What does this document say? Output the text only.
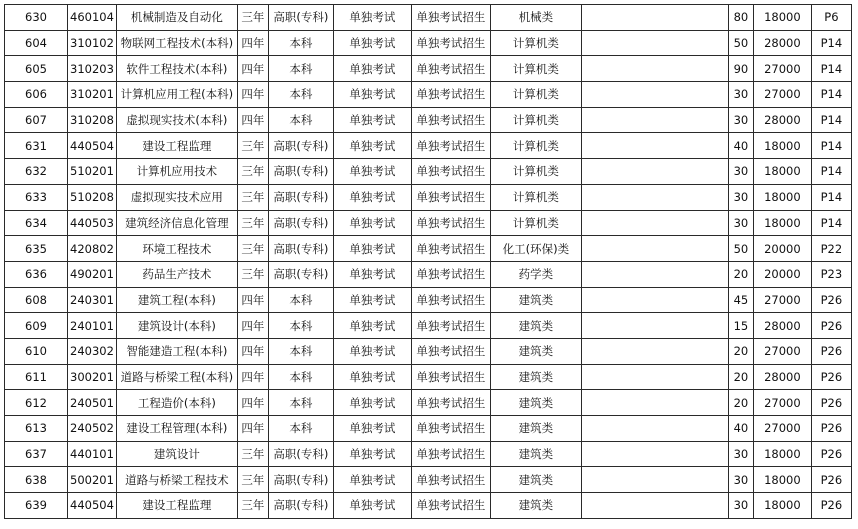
630	460104	机械制造及自动化	三年	高职(专科)	单独考试	单独考试招生	机械类		80	18000	P6
604	310102	物联网工程技术(本科)	四年	本科	单独考试	单独考试招生	计算机类		50	28000	P14
605	310203	软件工程技术(本科)	四年	本科	单独考试	单独考试招生	计算机类		90	27000	P14
606	310201	计算机应用工程(本科)	四年	本科	单独考试	单独考试招生	计算机类		30	27000	P14
607	310208	虚拟现实技术(本科)	四年	本科	单独考试	单独考试招生	计算机类		30	28000	P14
631	440504	建设工程监理	三年	高职(专科)	单独考试	单独考试招生	计算机类		40	18000	P14
632	510201	计算机应用技术	三年	高职(专科)	单独考试	单独考试招生	计算机类		30	18000	P14
633	510208	虚拟现实技术应用	三年	高职(专科)	单独考试	单独考试招生	计算机类		30	18000	P14
634	440503	建筑经济信息化管理	三年	高职(专科)	单独考试	单独考试招生	计算机类		30	18000	P14
635	420802	环境工程技术	三年	高职(专科)	单独考试	单独考试招生	化工(环保)类		50	20000	P22
636	490201	药品生产技术	三年	高职(专科)	单独考试	单独考试招生	药学类		20	20000	P23
608	240301	建筑工程(本科)	四年	本科	单独考试	单独考试招生	建筑类		45	27000	P26
609	240101	建筑设计(本科)	四年	本科	单独考试	单独考试招生	建筑类		15	28000	P26
610	240302	智能建造工程(本科)	四年	本科	单独考试	单独考试招生	建筑类		20	27000	P26
611	300201	道路与桥梁工程(本科)	四年	本科	单独考试	单独考试招生	建筑类		20	28000	P26
612	240501	工程造价(本科)	四年	本科	单独考试	单独考试招生	建筑类		20	27000	P26
613	240502	建设工程管理(本科)	四年	本科	单独考试	单独考试招生	建筑类		40	27000	P26
637	440101	建筑设计	三年	高职(专科)	单独考试	单独考试招生	建筑类		30	18000	P26
638	500201	道路与桥梁工程技术	三年	高职(专科)	单独考试	单独考试招生	建筑类		30	18000	P26
639	440504	建设工程监理	三年	高职(专科)	单独考试	单独考试招生	建筑类		30	18000	P26
